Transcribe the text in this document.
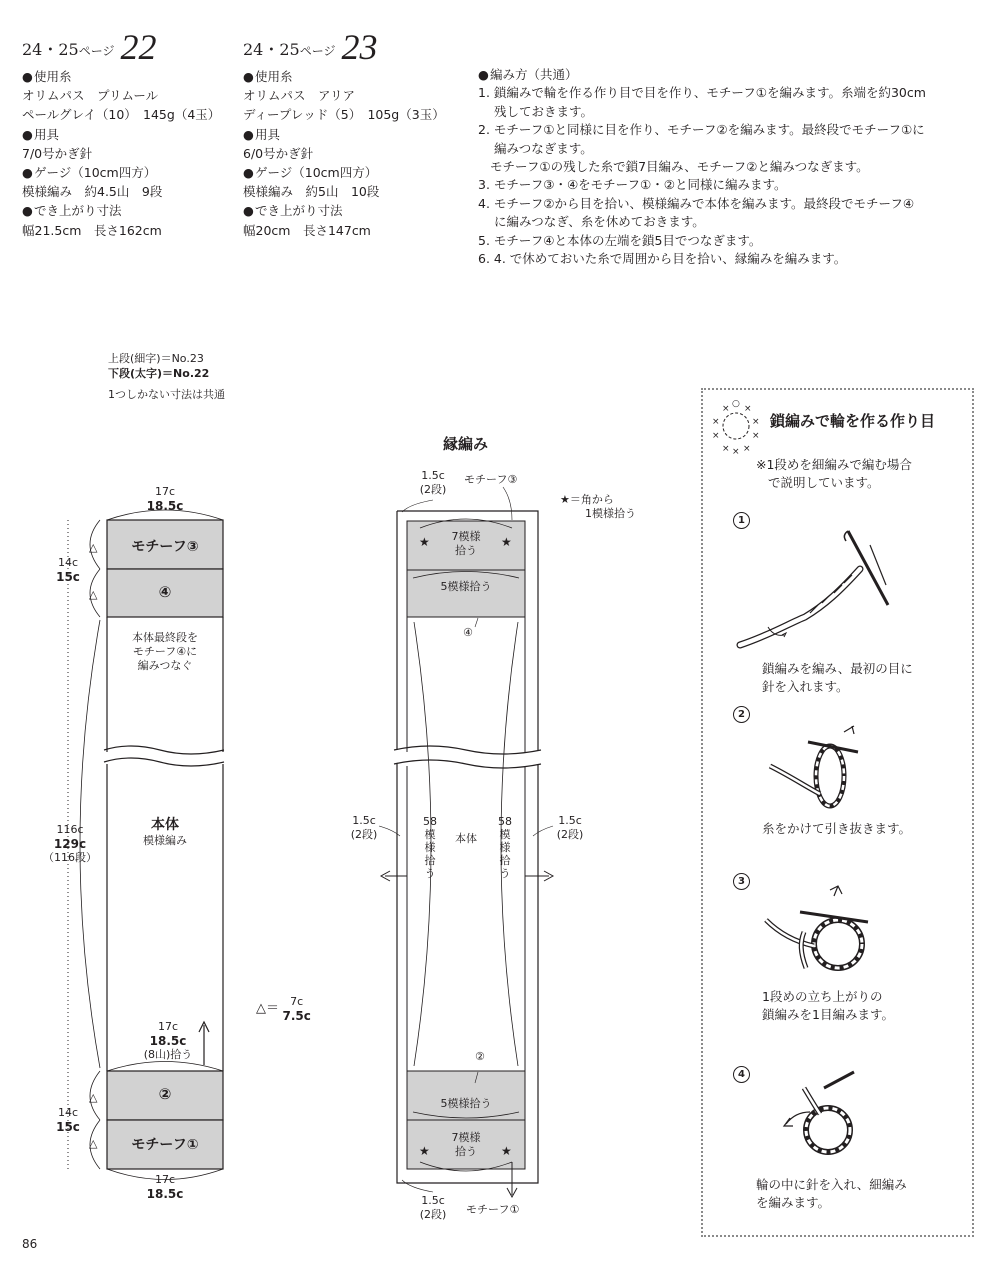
24・25ページ 22
●使用糸
オリムパス　プリムール
ペールグレイ（10）　145g（4玉）
●用具
7/0号かぎ針
●ゲージ（10cm四方）
模様編み　約4.5山　9段
●でき上がり寸法
幅21.5cm　長さ162cm
24・25ページ 23
●使用糸
オリムパス　アリア
ディープレッド（5）　105g（3玉）
●用具
6/0号かぎ針
●ゲージ（10cm四方）
模様編み　約5山　10段
●でき上がり寸法
幅20cm　長さ147cm
●編み方（共通）
1. 鎖編みで輪を作る作り目で目を作り、モチーフ①を編みます。糸端を約30cm
残しておきます。
2. モチーフ①と同様に目を作り、モチーフ②を編みます。最終段でモチーフ①に
編みつなぎます。
モチーフ①の残した糸で鎖7目編み、モチーフ②と編みつなぎます。
3. モチーフ③・④をモチーフ①・②と同様に編みます。
4. モチーフ②から目を拾い、模様編みで本体を編みます。最終段でモチーフ④
に編みつなぎ、糸を休めておきます。
5. モチーフ④と本体の左端を鎖5目でつなぎます。
6. 4. で休めておいた糸で周囲から目を拾い、縁編みを編みます。
上段(細字)＝No.23
下段(太字)＝No.22
1つしかない寸法は共通
△
△
△
△
17c
18.5c
モチーフ③
④
14c
15c
本体最終段を
モチーフ④に
編みつなぐ
本体
模様編み
116c
129c
（116段）
17c
18.5c
(8山)拾う
②
モチーフ①
14c
15c
17c
18.5c
△＝	7c
7.5c
縁編み
★	★
★	★
1.5c
(2段)
モチーフ③
★＝角から
1模様拾う
7模様
拾う
5模様拾う
④
1.5c
(2段)
1.5c
(2段)
58
模
様
拾
う
58
模
様
拾
う
本体
②
5模様拾う
7模様
拾う
1.5c
(2段)	モチーフ①
× ○ ×
×	×
×	×
× × ×
鎖編みで輪を作る作り目
※1段めを細編みで編む場合
で説明しています。
1
鎖編みを編み、最初の目に
針を入れます。
2
糸をかけて引き抜きます。
3
1段めの立ち上がりの
鎖編みを1目編みます。
4
輪の中に針を入れ、細編み
を編みます。
86
